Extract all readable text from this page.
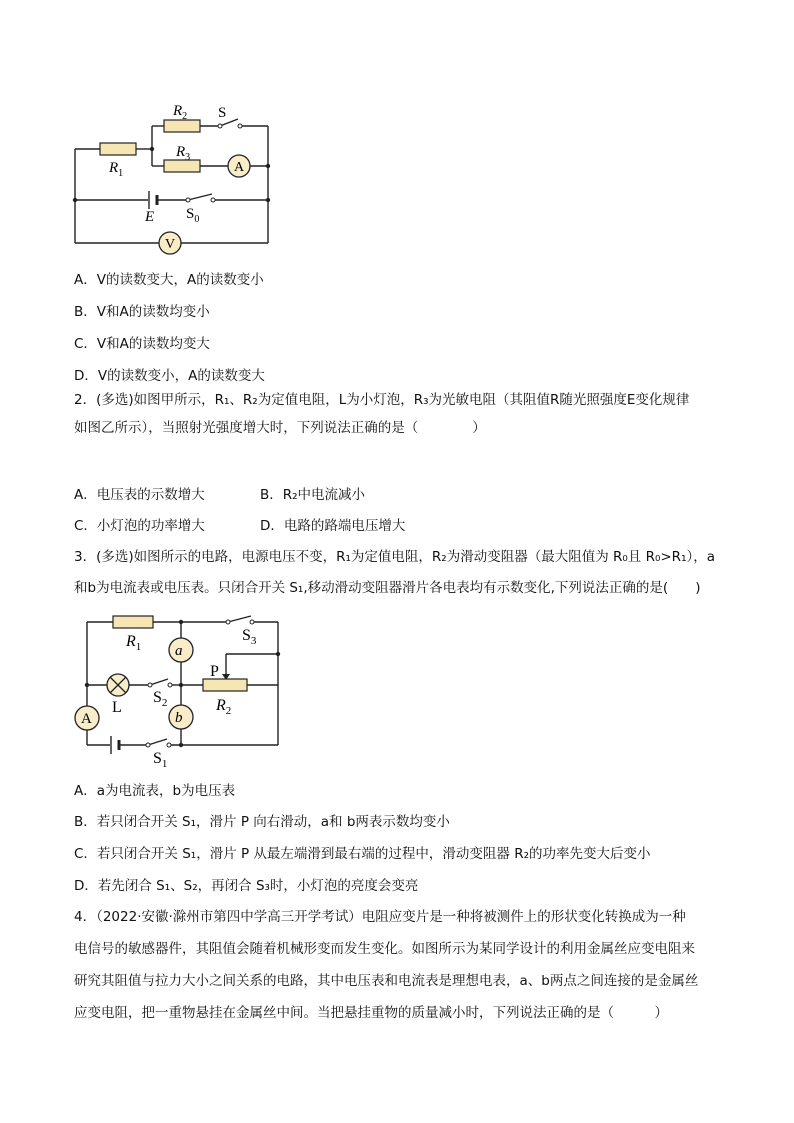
$R_2$ S
$R_1$
$R_3$
A
E $S_0$
V
A．V的读数变大，A的读数变小
B．V和A的读数均变小
C．V和A的读数均变大
D．V的读数变小，A的读数变大
2．(多选)如图甲所示，R₁、R₂为定值电阻，L为小灯泡，R₃为光敏电阻（其阻值R随光照强度E变化规律
如图乙所示），当照射光强度增大时，下列说法正确的是（　　　　）
A．电压表的示数增大	B．R₂中电流减小
C．小灯泡的功率增大	D．电路的路端电压增大
3．(多选)如图所示的电路，电源电压不变，R₁为定值电阻，R₂为滑动变阻器（最大阻值为 R₀且 R₀>R₁），a
和b为电流表或电压表。只闭合开关 S₁,移动滑动变阻器滑片各电表均有示数变化,下列说法正确的是(　　)
$R_1$ a
b
A
L
P
$R_2$
$S_3$
$S_2$
$S_1$
A．a为电流表，b为电压表
B．若只闭合开关 S₁，滑片 P 向右滑动，a和 b两表示数均变小
C．若只闭合开关 S₁，滑片 P 从最左端滑到最右端的过程中，滑动变阻器 R₂的功率先变大后变小
D．若先闭合 S₁、S₂，再闭合 S₃时，小灯泡的亮度会变亮
4．（2022·安徽·滁州市第四中学高三开学考试）电阻应变片是一种将被测件上的形状变化转换成为一种
电信号的敏感器件，其阻值会随着机械形变而发生变化。如图所示为某同学设计的利用金属丝应变电阻来
研究其阻值与拉力大小之间关系的电路，其中电压表和电流表是理想电表，a、b两点之间连接的是金属丝
应变电阻，把一重物悬挂在金属丝中间。当把悬挂重物的质量减小时，下列说法正确的是（　　　）
